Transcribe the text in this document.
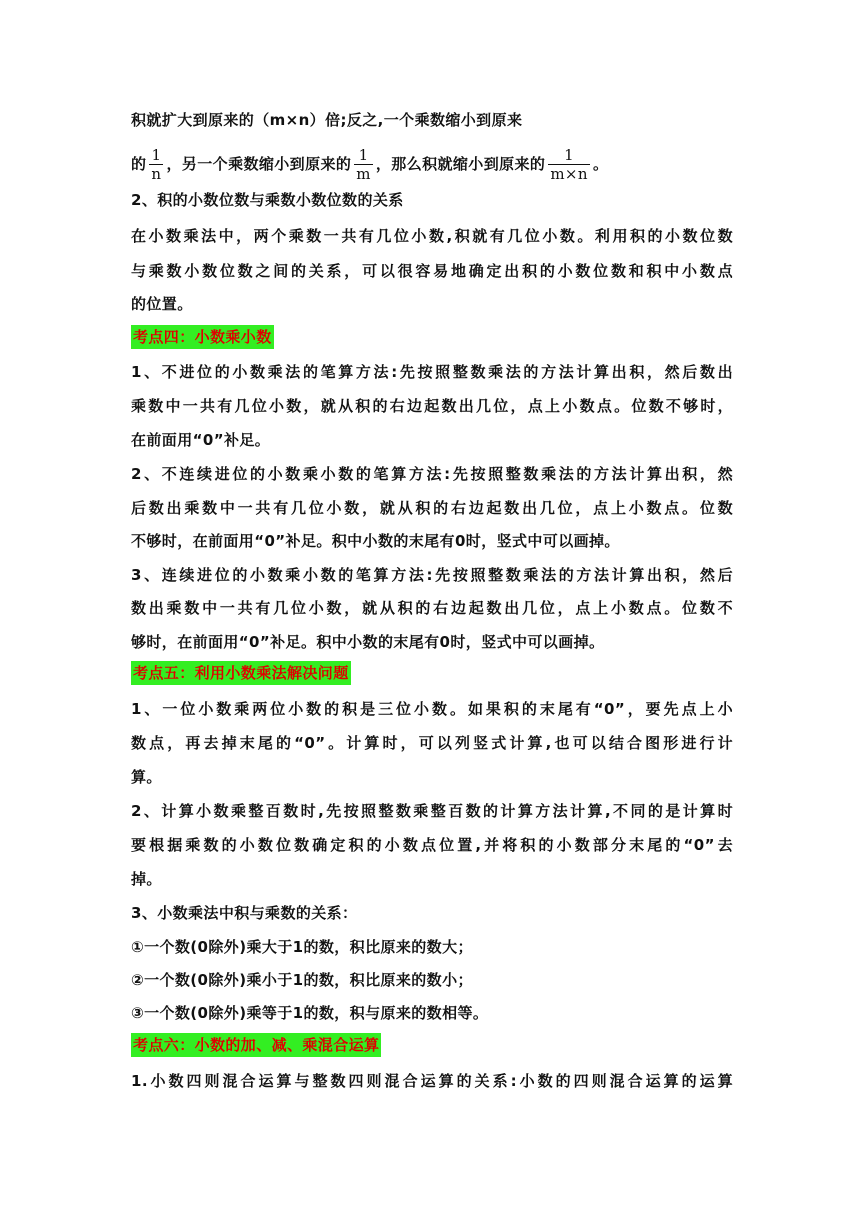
积就扩大到原来的（m×n）倍;反之,一个乘数缩小到原来
的 $\frac{1}{n}$ ，另一个乘数缩小到原来的 $\frac{1}{m}$ ，那么积就缩小到原来的 $\frac{1}{m\times n}$ 。
2、积的小数位数与乘数小数位数的关系
在小数乘法中，两个乘数一共有几位小数,积就有几位小数。利用积的小数位数
与乘数小数位数之间的关系，可以很容易地确定出积的小数位数和积中小数点
的位置。
考点四：小数乘小数
1、不进位的小数乘法的笔算方法:先按照整数乘法的方法计算出积，然后数出
乘数中一共有几位小数，就从积的右边起数出几位，点上小数点。位数不够时，
在前面用“0”补足。
2、不连续进位的小数乘小数的笔算方法:先按照整数乘法的方法计算出积，然
后数出乘数中一共有几位小数，就从积的右边起数出几位，点上小数点。位数
不够时，在前面用“0”补足。积中小数的末尾有0时，竖式中可以画掉。
3、连续进位的小数乘小数的笔算方法:先按照整数乘法的方法计算出积，然后
数出乘数中一共有几位小数，就从积的右边起数出几位，点上小数点。位数不
够时，在前面用“0”补足。积中小数的末尾有0时，竖式中可以画掉。
考点五：利用小数乘法解决问题
1、一位小数乘两位小数的积是三位小数。如果积的末尾有“0”，要先点上小
数点，再去掉末尾的“0”。计算时，可以列竖式计算,也可以结合图形进行计
算。
2、计算小数乘整百数时,先按照整数乘整百数的计算方法计算,不同的是计算时
要根据乘数的小数位数确定积的小数点位置,并将积的小数部分末尾的“0”去
掉。
3、小数乘法中积与乘数的关系：
①一个数(0除外)乘大于1的数，积比原来的数大；
②一个数(0除外)乘小于1的数，积比原来的数小；
③一个数(0除外)乘等于1的数，积与原来的数相等。
考点六：小数的加、减、乘混合运算
1.小数四则混合运算与整数四则混合运算的关系:小数的四则混合运算的运算
